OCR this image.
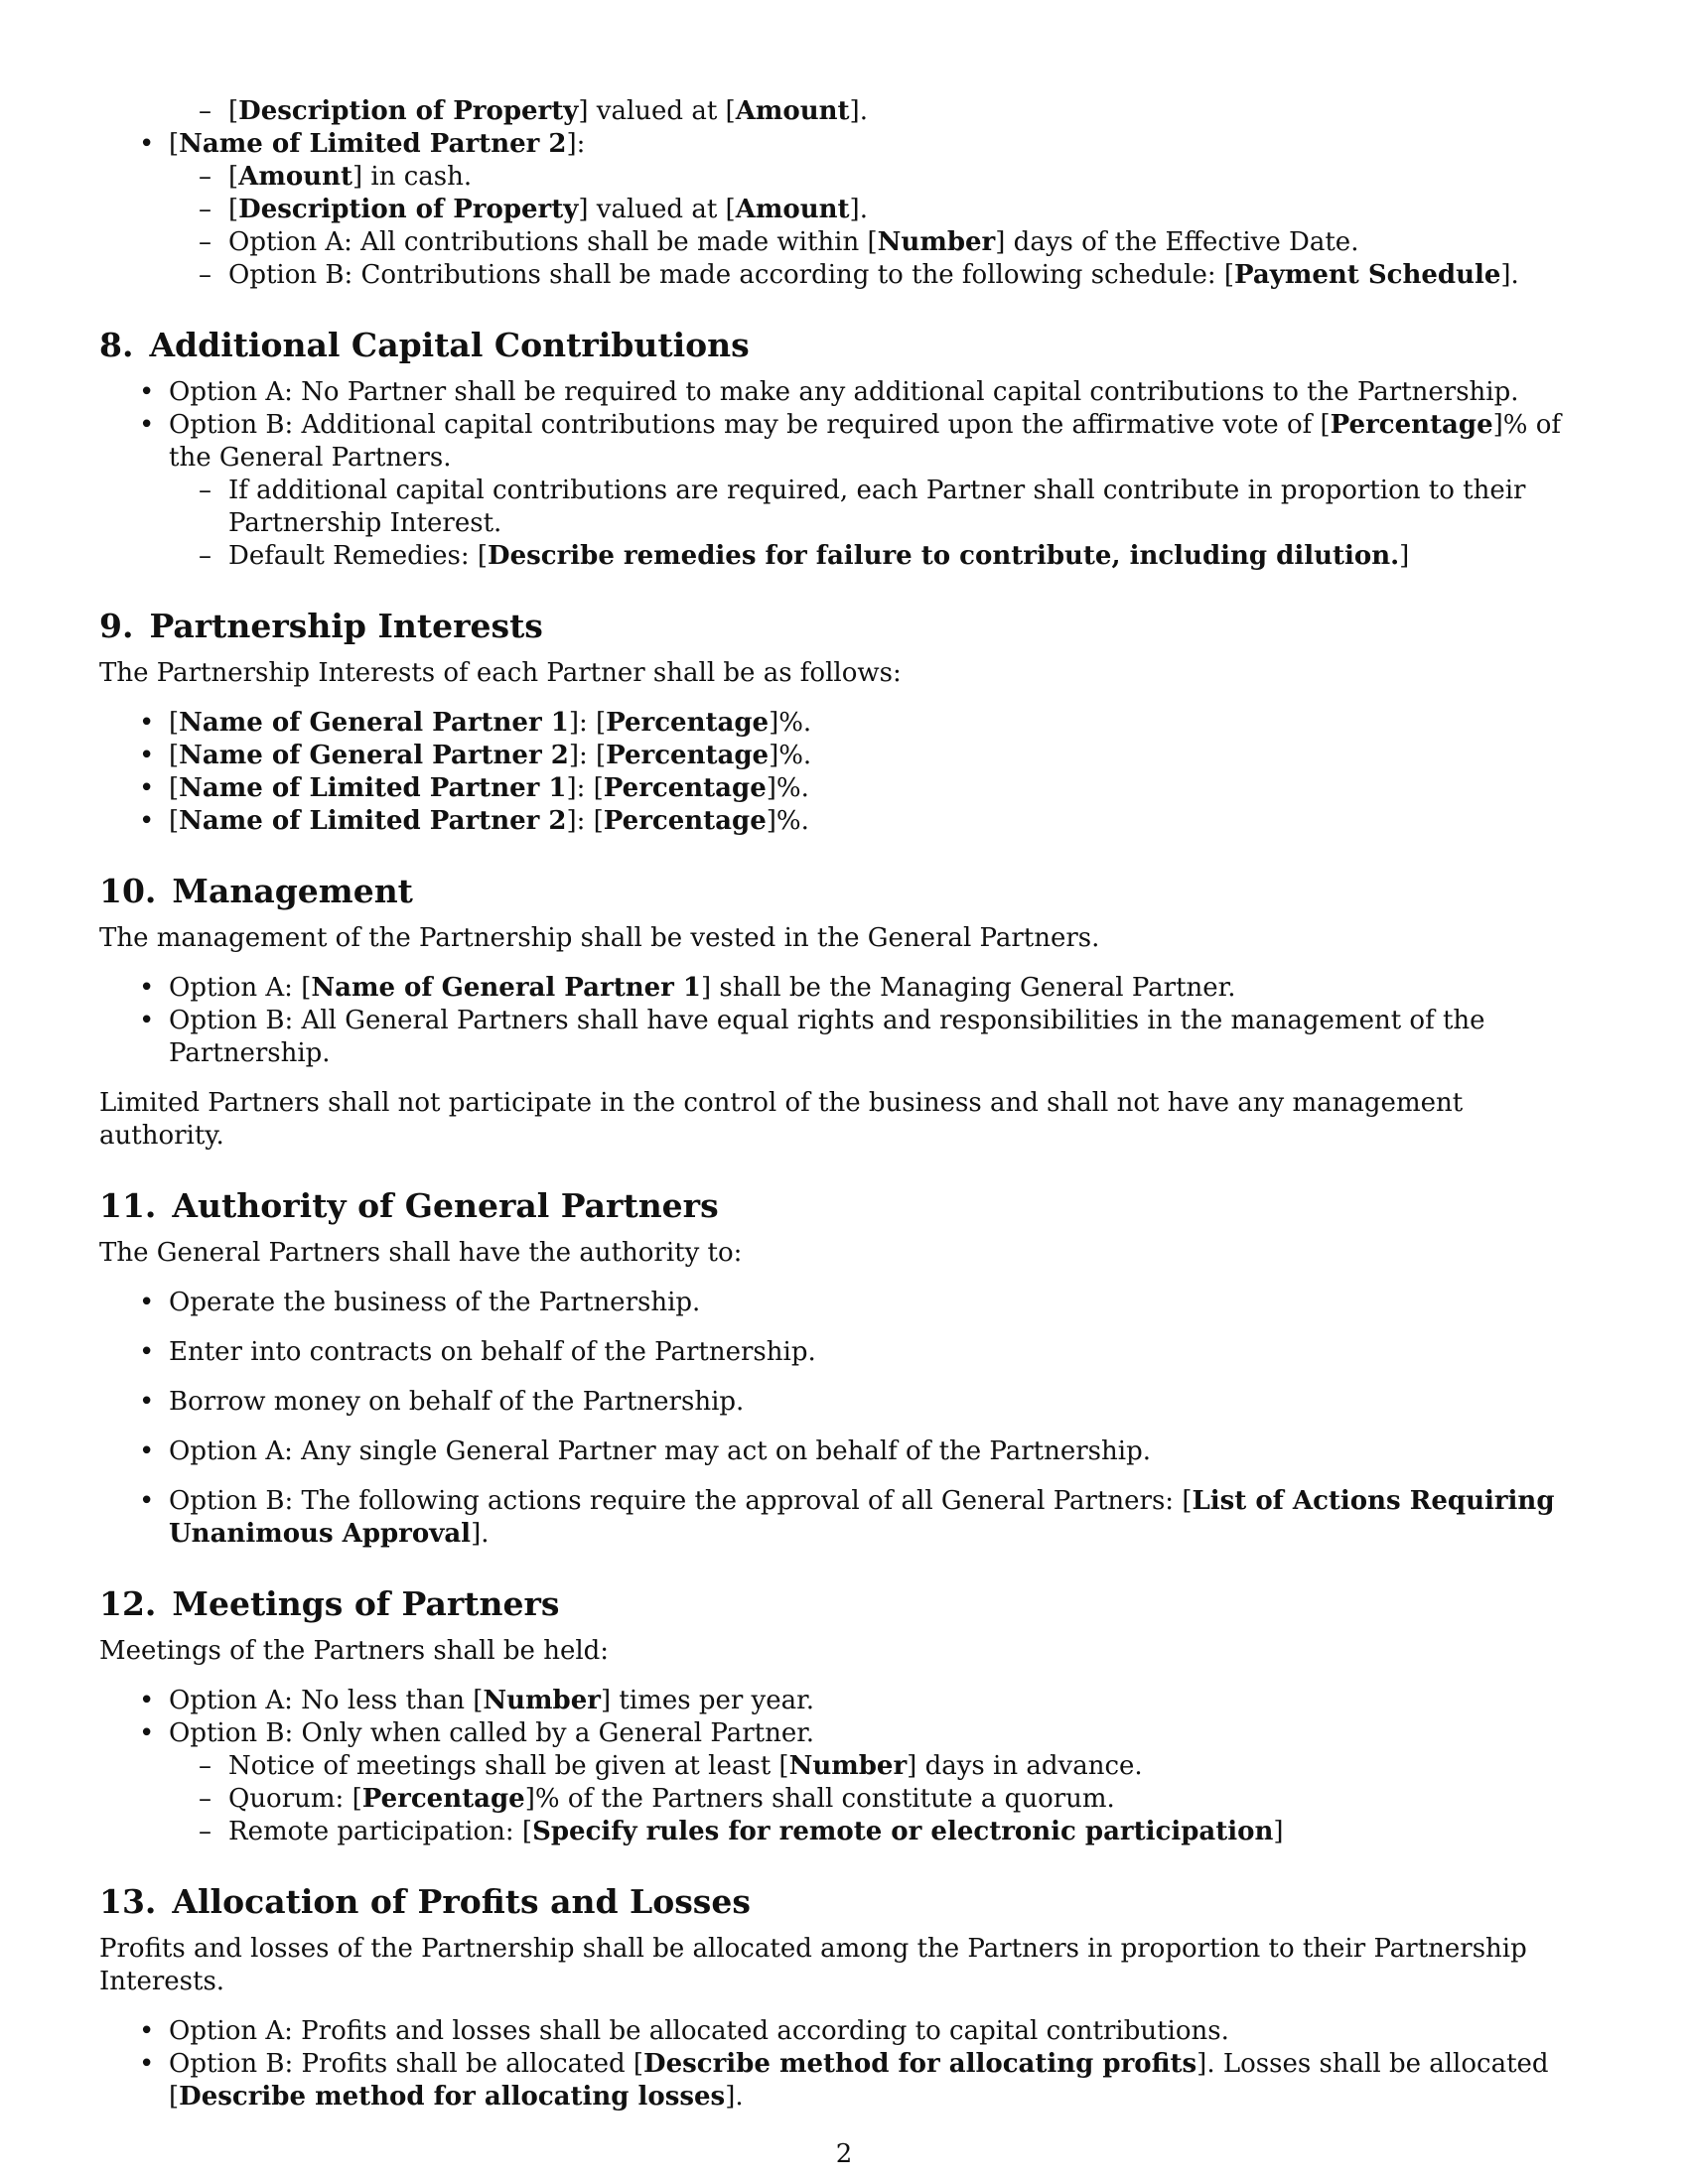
– [Description of Property] valued at [Amount].
• [Name of Limited Partner 2]:
– [Amount] in cash.
– [Description of Property] valued at [Amount].
– Option A: All contributions shall be made within [Number] days of the Effective Date.
– Option B: Contributions shall be made according to the following schedule: [Payment Schedule].
8. Additional Capital Contributions
• Option A: No Partner shall be required to make any additional capital contributions to the Partnership.
• Option B: Additional capital contributions may be required upon the affirmative vote of [Percentage]% of the General Partners.
– If additional capital contributions are required, each Partner shall contribute in proportion to their Partnership Interest.
– Default Remedies: [Describe remedies for failure to contribute, including dilution.]
9. Partnership Interests

The Partnership Interests of each Partner shall be as follows:

• [Name of General Partner 1]: [Percentage]%.
• [Name of General Partner 2]: [Percentage]%.
• [Name of Limited Partner 1]: [Percentage]%.
• [Name of Limited Partner 2]: [Percentage]%.
10. Management

The management of the Partnership shall be vested in the General Partners.

• Option A: [Name of General Partner 1] shall be the Managing General Partner.
• Option B: All General Partners shall have equal rights and responsibilities in the management of the Partnership.

Limited Partners shall not participate in the control of the business and shall not have any management authority.

11. Authority of General Partners

The General Partners shall have the authority to:

• Operate the business of the Partnership.
• Enter into contracts on behalf of the Partnership.
• Borrow money on behalf of the Partnership.
• Option A: Any single General Partner may act on behalf of the Partnership.
• Option B: The following actions require the approval of all General Partners: [List of Actions Requiring Unanimous Approval].
12. Meetings of Partners

Meetings of the Partners shall be held:

• Option A: No less than [Number] times per year.
• Option B: Only when called by a General Partner.
– Notice of meetings shall be given at least [Number] days in advance.
– Quorum: [Percentage]% of the Partners shall constitute a quorum.
– Remote participation: [Specify rules for remote or electronic participation]
13. Allocation of Profits and Losses

Profits and losses of the Partnership shall be allocated among the Partners in proportion to their Partnership Interests.

• Option A: Profits and losses shall be allocated according to capital contributions.
• Option B: Profits shall be allocated [Describe method for allocating profits]. Losses shall be allocated [Describe method for allocating losses].
2
